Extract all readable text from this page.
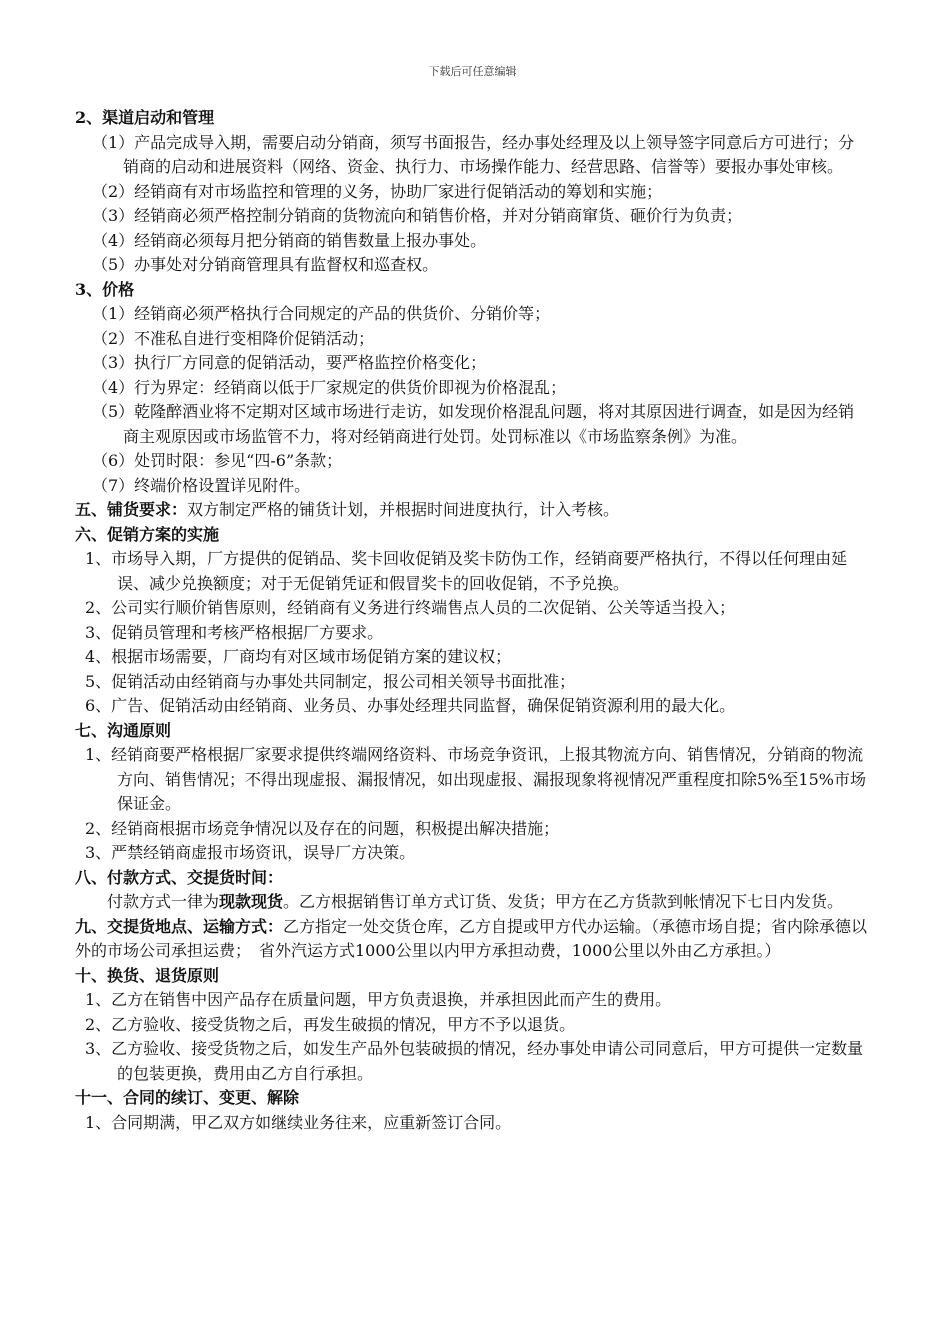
下载后可任意编辑
2、渠道启动和管理
（1）产品完成导入期，需要启动分销商，须写书面报告，经办事处经理及以上领导签字同意后方可进行；分销商的启动和进展资料（网络、资金、执行力、市场操作能力、经营思路、信誉等）要报办事处审核。
（2）经销商有对市场监控和管理的义务，协助厂家进行促销活动的筹划和实施；
（3）经销商必须严格控制分销商的货物流向和销售价格，并对分销商窜货、砸价行为负责；
（4）经销商必须每月把分销商的销售数量上报办事处。
（5）办事处对分销商管理具有监督权和巡查权。
3、价格
（1）经销商必须严格执行合同规定的产品的供货价、分销价等；
（2）不准私自进行变相降价促销活动；
（3）执行厂方同意的促销活动，要严格监控价格变化；
（4）行为界定：经销商以低于厂家规定的供货价即视为价格混乱；
（5）乾隆醉酒业将不定期对区域市场进行走访，如发现价格混乱问题，将对其原因进行调查，如是因为经销商主观原因或市场监管不力，将对经销商进行处罚。处罚标准以《市场监察条例》为准。
（6）处罚时限：参见“四-6”条款；
（7）终端价格设置详见附件。
五、铺货要求：双方制定严格的铺货计划，并根据时间进度执行，计入考核。
六、促销方案的实施
1、市场导入期，厂方提供的促销品、奖卡回收促销及奖卡防伪工作，经销商要严格执行，不得以任何理由延误、减少兑换额度；对于无促销凭证和假冒奖卡的回收促销，不予兑换。
2、公司实行顺价销售原则，经销商有义务进行终端售点人员的二次促销、公关等适当投入；
3、促销员管理和考核严格根据厂方要求。
4、根据市场需要，厂商均有对区域市场促销方案的建议权；
5、促销活动由经销商与办事处共同制定，报公司相关领导书面批准；
6、广告、促销活动由经销商、业务员、办事处经理共同监督，确保促销资源利用的最大化。
七、沟通原则
1、经销商要严格根据厂家要求提供终端网络资料、市场竞争资讯，上报其物流方向、销售情况，分销商的物流方向、销售情况；不得出现虚报、漏报情况，如出现虚报、漏报现象将视情况严重程度扣除5%至15%市场保证金。
2、经销商根据市场竞争情况以及存在的问题，积极提出解决措施；
3、严禁经销商虚报市场资讯，误导厂方决策。
八、付款方式、交提货时间：
付款方式一律为现款现货。乙方根据销售订单方式订货、发货；甲方在乙方货款到帐情况下七日内发货。
九、交提货地点、运输方式：乙方指定一处交货仓库，乙方自提或甲方代办运输。（承德市场自提；省内除承德以外的市场公司承担运费；　省外汽运方式1000公里以内甲方承担动费，1000公里以外由乙方承担。）
十、换货、退货原则
1、乙方在销售中因产品存在质量问题，甲方负责退换，并承担因此而产生的费用。
2、乙方验收、接受货物之后，再发生破损的情况，甲方不予以退货。
3、乙方验收、接受货物之后，如发生产品外包装破损的情况，经办事处申请公司同意后，甲方可提供一定数量的包装更换，费用由乙方自行承担。
十一、合同的续订、变更、解除
1、合同期满，甲乙双方如继续业务往来，应重新签订合同。
